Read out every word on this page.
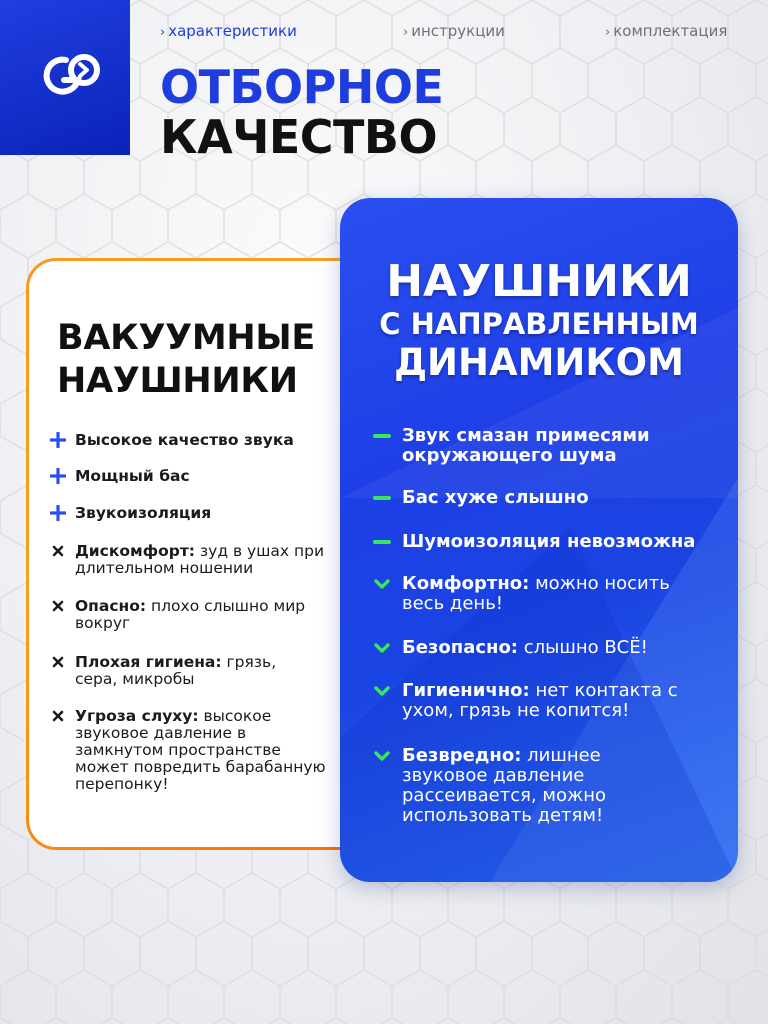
› характеристики	› инструкции	› комплектация
ОТБОРНОЕ
КАЧЕСТВО
ВАКУУМНЫЕ
НАУШНИКИ
Высокое качество звука
Мощный бас
Звукоизоляция
Дискомфорт: зуд в ушах при длительном ношении
Опасно: плохо слышно мир вокруг
Плохая гигиена: грязь, сера, микробы
Угроза слуху: высокое звуковое давление в замкнутом пространстве может повредить барабанную перепонку!
НАУШНИКИ
С НАПРАВЛЕННЫМ
ДИНАМИКОМ
Звук смазан примесями окружающего шума
Бас хуже слышно
Шумоизоляция невозможна
Комфортно: можно носить весь день!
Безопасно: слышно ВСЁ!
Гигиенично: нет контакта с ухом, грязь не копится!
Безвредно: лишнее звуковое давление рассеивается, можно использовать детям!
